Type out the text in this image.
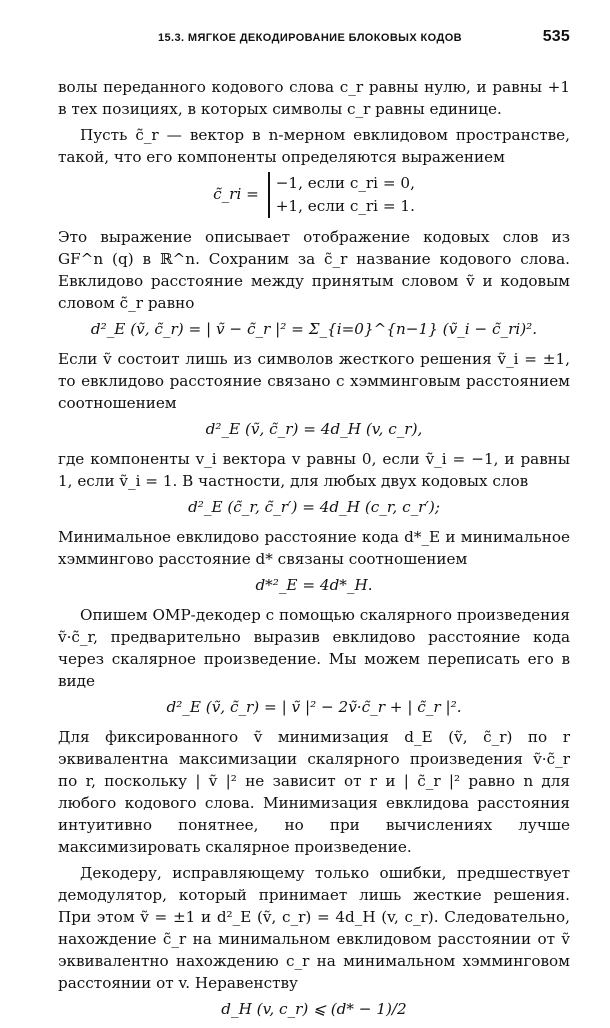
15.3. МЯГКОЕ ДЕКОДИРОВАНИЕ БЛОКОВЫХ КОДОВ	535

волы переданного кодового слова c_r равны нулю, и равны +1 в тех позициях, в которых символы c_r равны единице.

Пусть c̃_r — вектор в n-мерном евклидовом пространстве, такой, что его компоненты определяются выражением

c̃_ri = −1, если c_ri = 0,
+1, если c_ri = 1.

Это выражение описывает отображение кодовых слов из GF^n (q) в ℝ^n. Сохраним за c̃_r название кодового слова. Евклидово расстояние между принятым словом ṽ и кодовым словом c̃_r равно

d²_E (ṽ, c̃_r) = | ṽ − c̃_r |² = Σ_{i=0}^{n−1} (ṽ_i − c̃_ri)².

Если ṽ состоит лишь из символов жесткого решения ṽ_i = ±1, то евклидово расстояние связано с хэмминговым расстоянием соотношением

d²_E (ṽ, c̃_r) = 4d_H (v, c_r),

где компоненты v_i вектора v равны 0, если ṽ_i = −1, и равны 1, если ṽ_i = 1. В частности, для любых двух кодовых слов

d²_E (c̃_r, c̃_r′) = 4d_H (c_r, c_r′);

Минимальное евклидово расстояние кода d*_E и минимальное хэммингово расстояние d* связаны соотношением

d*²_E = 4d*_H.

Опишем ОМР-декодер с помощью скалярного произведения ṽ·c̃_r, предварительно выразив евклидово расстояние кода через скалярное произведение. Мы можем переписать его в виде

d²_E (ṽ, c̃_r) = | ṽ |² − 2ṽ·c̃_r + | c̃_r |².

Для фиксированного ṽ минимизация d_E (ṽ, c̃_r) по r эквивалентна максимизации скалярного произведения ṽ·c̃_r по r, поскольку | ṽ |² не зависит от r и | c̃_r |² равно n для любого кодового слова. Минимизация евклидова расстояния интуитивно понятнее, но при вычислениях лучше максимизировать скалярное произведение.

Декодеру, исправляющему только ошибки, предшествует демодулятор, который принимает лишь жесткие решения. При этом ṽ = ±1 и d²_E (ṽ, c_r) = 4d_H (v, c_r). Следовательно, нахождение c̃_r на минимальном евклидовом расстоянии от ṽ эквивалентно нахождению c_r на минимальном хэмминговом расстоянии от v. Неравенству

d_H (v, c_r) ⩽ (d* − 1)/2
